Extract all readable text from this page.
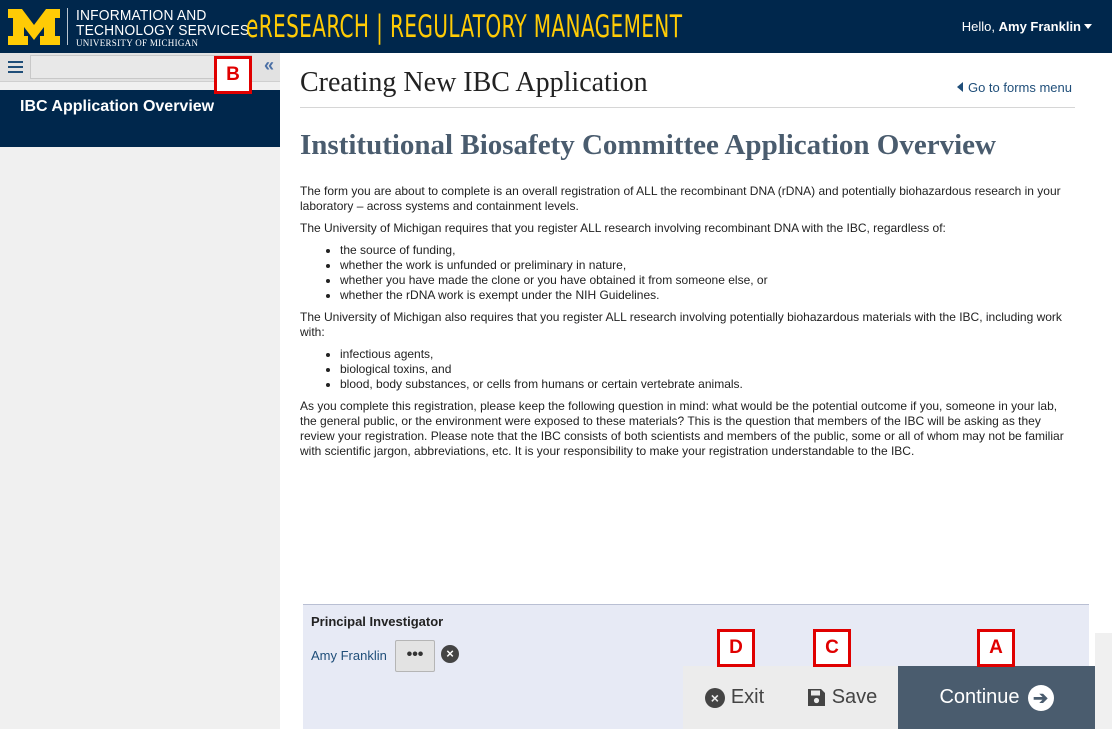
INFORMATION AND
TECHNOLOGY SERVICES
UNIVERSITY OF MICHIGAN	eRESEARCH | REGULATORY MANAGEMENT	Hello, Amy Franklin
«
IBC Application Overview
Creating New IBC Application	Go to forms menu
Institutional Biosafety Committee Application Overview

The form you are about to complete is an overall registration of ALL the recombinant DNA (rDNA) and potentially biohazardous research in your laboratory – across systems and containment levels.

The University of Michigan requires that you register ALL research involving recombinant DNA with the IBC, regardless of:

• the source of funding,
• whether the work is unfunded or preliminary in nature,
• whether you have made the clone or you have obtained it from someone else, or
• whether the rDNA work is exempt under the NIH Guidelines.

The University of Michigan also requires that you register ALL research involving potentially biohazardous materials with the IBC, including work with:

• infectious agents,
• biological toxins, and
• blood, body substances, or cells from humans or certain vertebrate animals.

As you complete this registration, please keep the following question in mind: what would be the potential outcome if you, someone in your lab, the general public, or the environment were exposed to these materials? This is the question that members of the IBC will be asking as they review your registration. Please note that the IBC consists of both scientists and members of the public, some or all of whom may not be familiar with scientific jargon, abbreviations, etc. It is your responsibility to make your registration understandable to the IBC.

Principal Investigator
Amy Franklin	•••	×
× Exit	Save	Continue ➔
B
D	C	A
